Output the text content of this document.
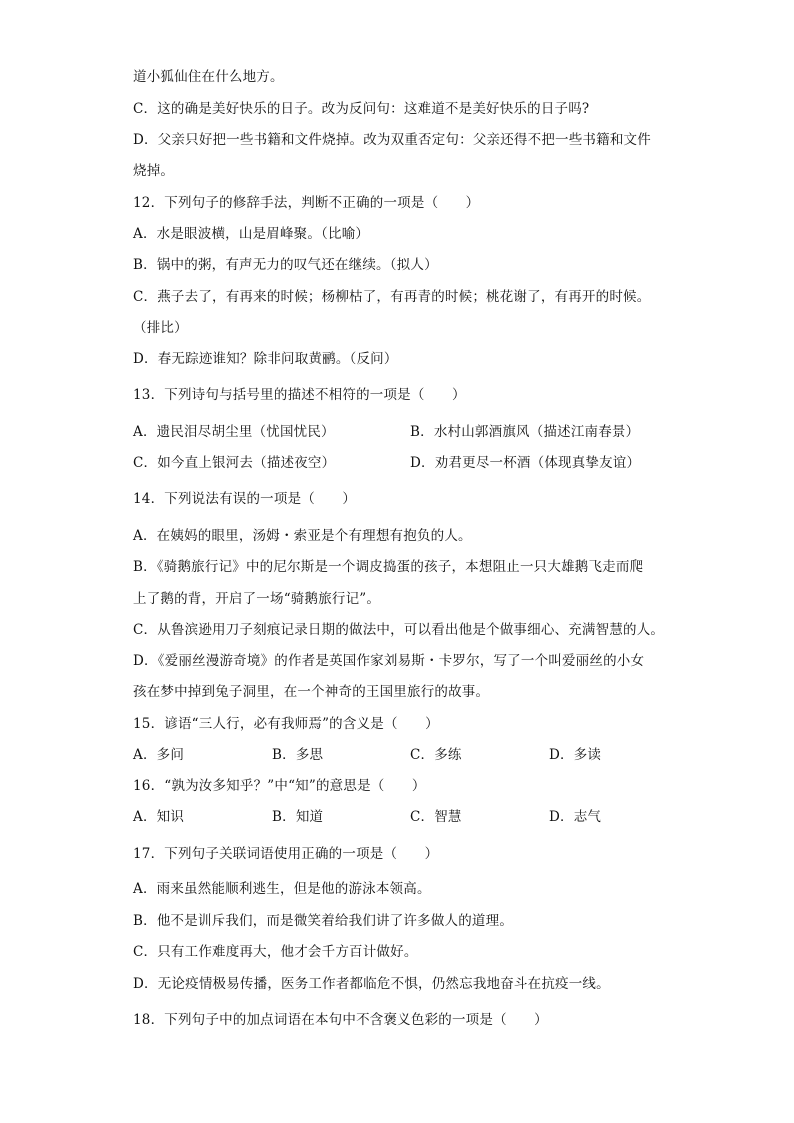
道小狐仙住在什么地方。
C．这的确是美好快乐的日子。改为反问句：这难道不是美好快乐的日子吗?
D．父亲只好把一些书籍和文件烧掉。改为双重否定句：父亲还得不把一些书籍和文件
烧掉。
12．下列句子的修辞手法，判断不正确的一项是（　　）
A．水是眼波横，山是眉峰聚。（比喻）
B．锅中的粥，有声无力的叹气还在继续。（拟人）
C．燕子去了，有再来的时候；杨柳枯了，有再青的时候；桃花谢了，有再开的时候。
（排比）
D．春无踪迹谁知？除非问取黄鹂。（反问）
13．下列诗句与括号里的描述不相符的一项是（　　）
A．遗民泪尽胡尘里（忧国忧民）	B．水村山郭酒旗风（描述江南春景）
C．如今直上银河去（描述夜空）	D．劝君更尽一杯酒（体现真挚友谊）
14．下列说法有误的一项是（　　）
A．在姨妈的眼里，汤姆・索亚是个有理想有抱负的人。
B．《骑鹅旅行记》中的尼尔斯是一个调皮捣蛋的孩子，本想阻止一只大雄鹅飞走而爬
上了鹅的背，开启了一场“骑鹅旅行记”。
C．从鲁滨逊用刀子刻痕记录日期的做法中，可以看出他是个做事细心、充满智慧的人。
D．《爱丽丝漫游奇境》的作者是英国作家刘易斯・卡罗尔，写了一个叫爱丽丝的小女
孩在梦中掉到兔子洞里，在一个神奇的王国里旅行的故事。
15．谚语“三人行，必有我师焉”的含义是（　　）
A．多问	B．多思	C．多练	D．多读
16．“孰为汝多知乎？”中“知”的意思是（　　）
A．知识	B．知道	C．智慧	D．志气
17．下列句子关联词语使用正确的一项是（　　）
A．雨来虽然能顺利逃生，但是他的游泳本领高。
B．他不是训斥我们，而是微笑着给我们讲了许多做人的道理。
C．只有工作难度再大，他才会千方百计做好。
D．无论疫情极易传播，医务工作者都临危不惧，仍然忘我地奋斗在抗疫一线。
18．下列句子中的加点词语在本句中不含褒义色彩的一项是（　　）
